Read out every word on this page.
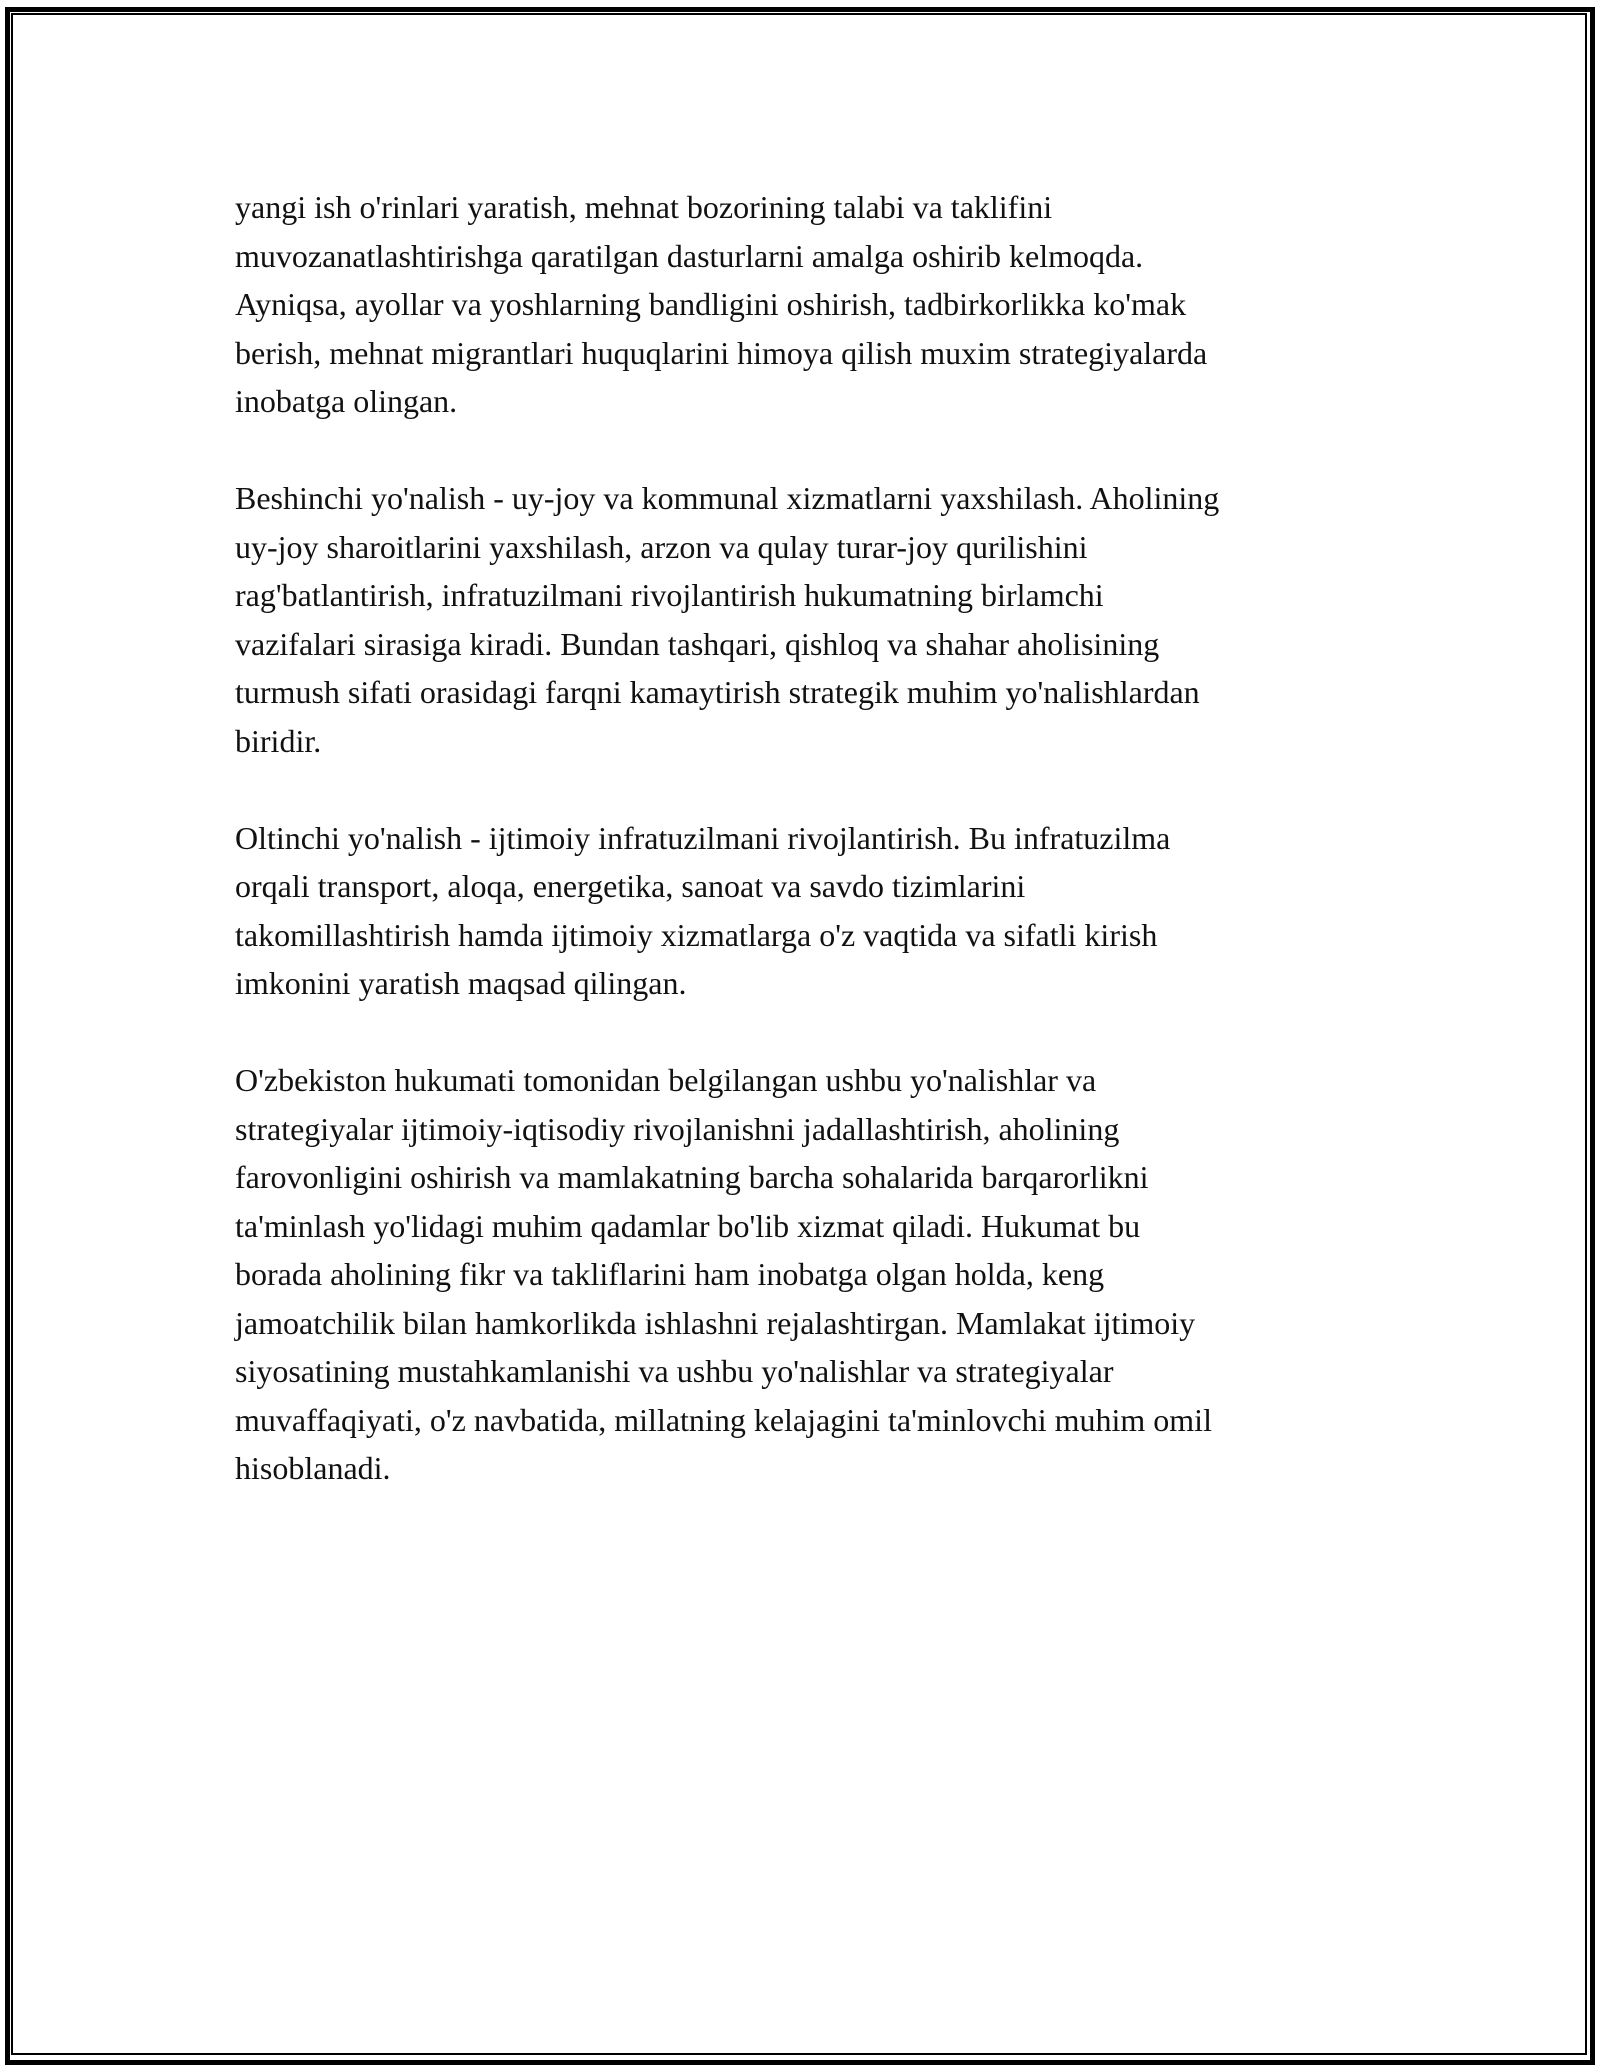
yangi ish o'rinlari yaratish, mehnat bozorining talabi va taklifini
muvozanatlashtirishga qaratilgan dasturlarni amalga oshirib kelmoqda.
Ayniqsa, ayollar va yoshlarning bandligini oshirish, tadbirkorlikka ko'mak
berish, mehnat migrantlari huquqlarini himoya qilish muxim strategiyalarda
inobatga olingan.

Beshinchi yo'nalish - uy-joy va kommunal xizmatlarni yaxshilash. Aholining
uy-joy sharoitlarini yaxshilash, arzon va qulay turar-joy qurilishini
rag'batlantirish, infratuzilmani rivojlantirish hukumatning birlamchi
vazifalari sirasiga kiradi. Bundan tashqari, qishloq va shahar aholisining
turmush sifati orasidagi farqni kamaytirish strategik muhim yo'nalishlardan
biridir.

Oltinchi yo'nalish - ijtimoiy infratuzilmani rivojlantirish. Bu infratuzilma
orqali transport, aloqa, energetika, sanoat va savdo tizimlarini
takomillashtirish hamda ijtimoiy xizmatlarga o'z vaqtida va sifatli kirish
imkonini yaratish maqsad qilingan.

O'zbekiston hukumati tomonidan belgilangan ushbu yo'nalishlar va
strategiyalar ijtimoiy-iqtisodiy rivojlanishni jadallashtirish, aholining
farovonligini oshirish va mamlakatning barcha sohalarida barqarorlikni
ta'minlash yo'lidagi muhim qadamlar bo'lib xizmat qiladi. Hukumat bu
borada aholining fikr va takliflarini ham inobatga olgan holda, keng
jamoatchilik bilan hamkorlikda ishlashni rejalashtirgan. Mamlakat ijtimoiy
siyosatining mustahkamlanishi va ushbu yo'nalishlar va strategiyalar
muvaffaqiyati, o'z navbatida, millatning kelajagini ta'minlovchi muhim omil
hisoblanadi.
